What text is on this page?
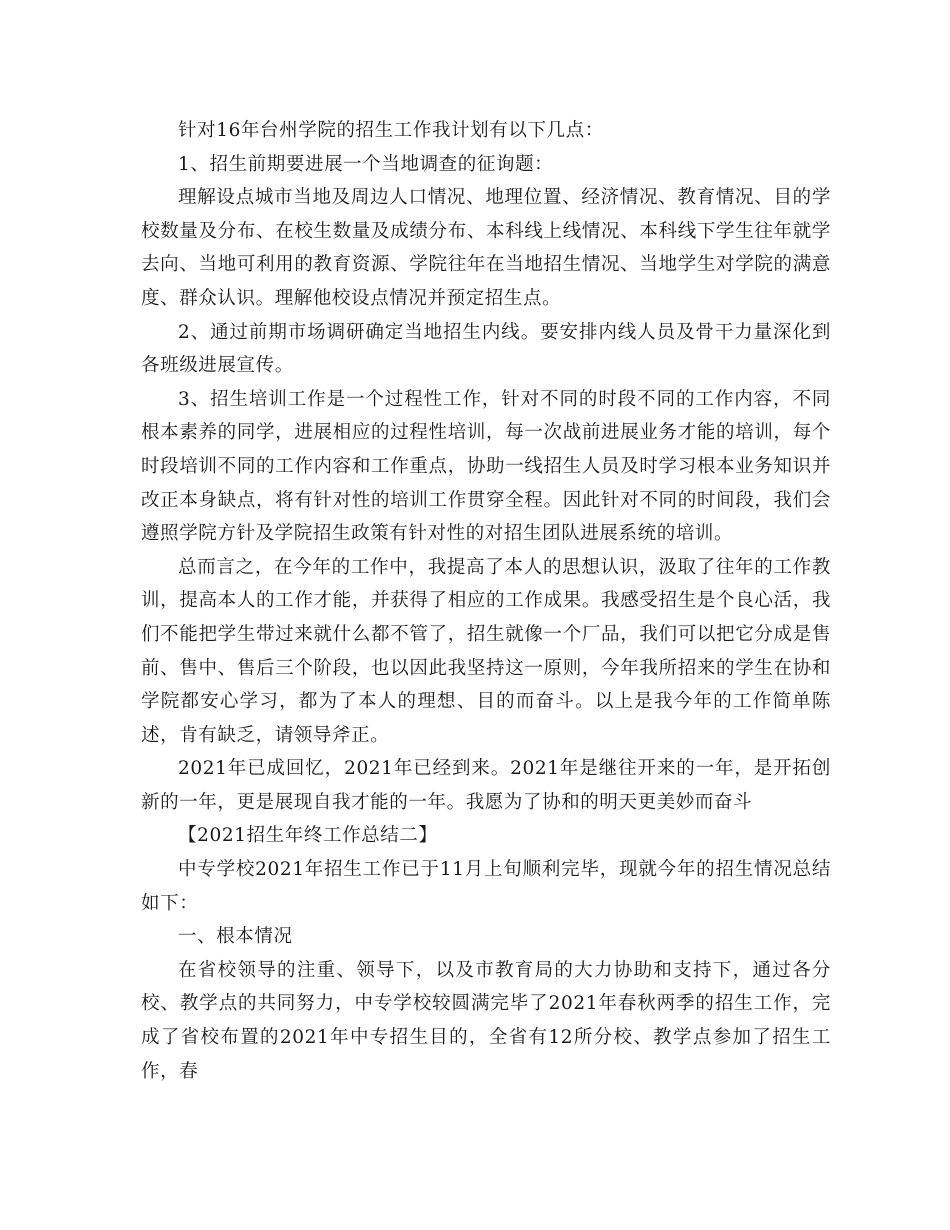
针对16年台州学院的招生工作我计划有以下几点：

1、招生前期要进展一个当地调查的征询题：

理解设点城市当地及周边人口情况、地理位置、经济情况、教育情况、目的学校数量及分布、在校生数量及成绩分布、本科线上线情况、本科线下学生往年就学去向、当地可利用的教育资源、学院往年在当地招生情况、当地学生对学院的满意度、群众认识。理解他校设点情况并预定招生点。

2、通过前期市场调研确定当地招生内线。要安排内线人员及骨干力量深化到各班级进展宣传。

3、招生培训工作是一个过程性工作，针对不同的时段不同的工作内容，不同根本素养的同学，进展相应的过程性培训，每一次战前进展业务才能的培训，每个时段培训不同的工作内容和工作重点，协助一线招生人员及时学习根本业务知识并改正本身缺点，将有针对性的培训工作贯穿全程。因此针对不同的时间段，我们会遵照学院方针及学院招生政策有针对性的对招生团队进展系统的培训。

总而言之，在今年的工作中，我提高了本人的思想认识，汲取了往年的工作教训，提高本人的工作才能，并获得了相应的工作成果。我感受招生是个良心活，我们不能把学生带过来就什么都不管了，招生就像一个厂品，我们可以把它分成是售前、售中、售后三个阶段，也以因此我坚持这一原则，今年我所招来的学生在协和学院都安心学习，都为了本人的理想、目的而奋斗。以上是我今年的工作简单陈述，肯有缺乏，请领导斧正。

2021年已成回忆，2021年已经到来。2021年是继往开来的一年，是开拓创新的一年，更是展现自我才能的一年。我愿为了协和的明天更美妙而奋斗

【2021招生年终工作总结二】

中专学校2021年招生工作已于11月上旬顺利完毕，现就今年的招生情况总结如下：

一、根本情况

在省校领导的注重、领导下，以及市教育局的大力协助和支持下，通过各分校、教学点的共同努力，中专学校较圆满完毕了2021年春秋两季的招生工作，完成了省校布置的2021年中专招生目的，全省有12所分校、教学点参加了招生工作，春
